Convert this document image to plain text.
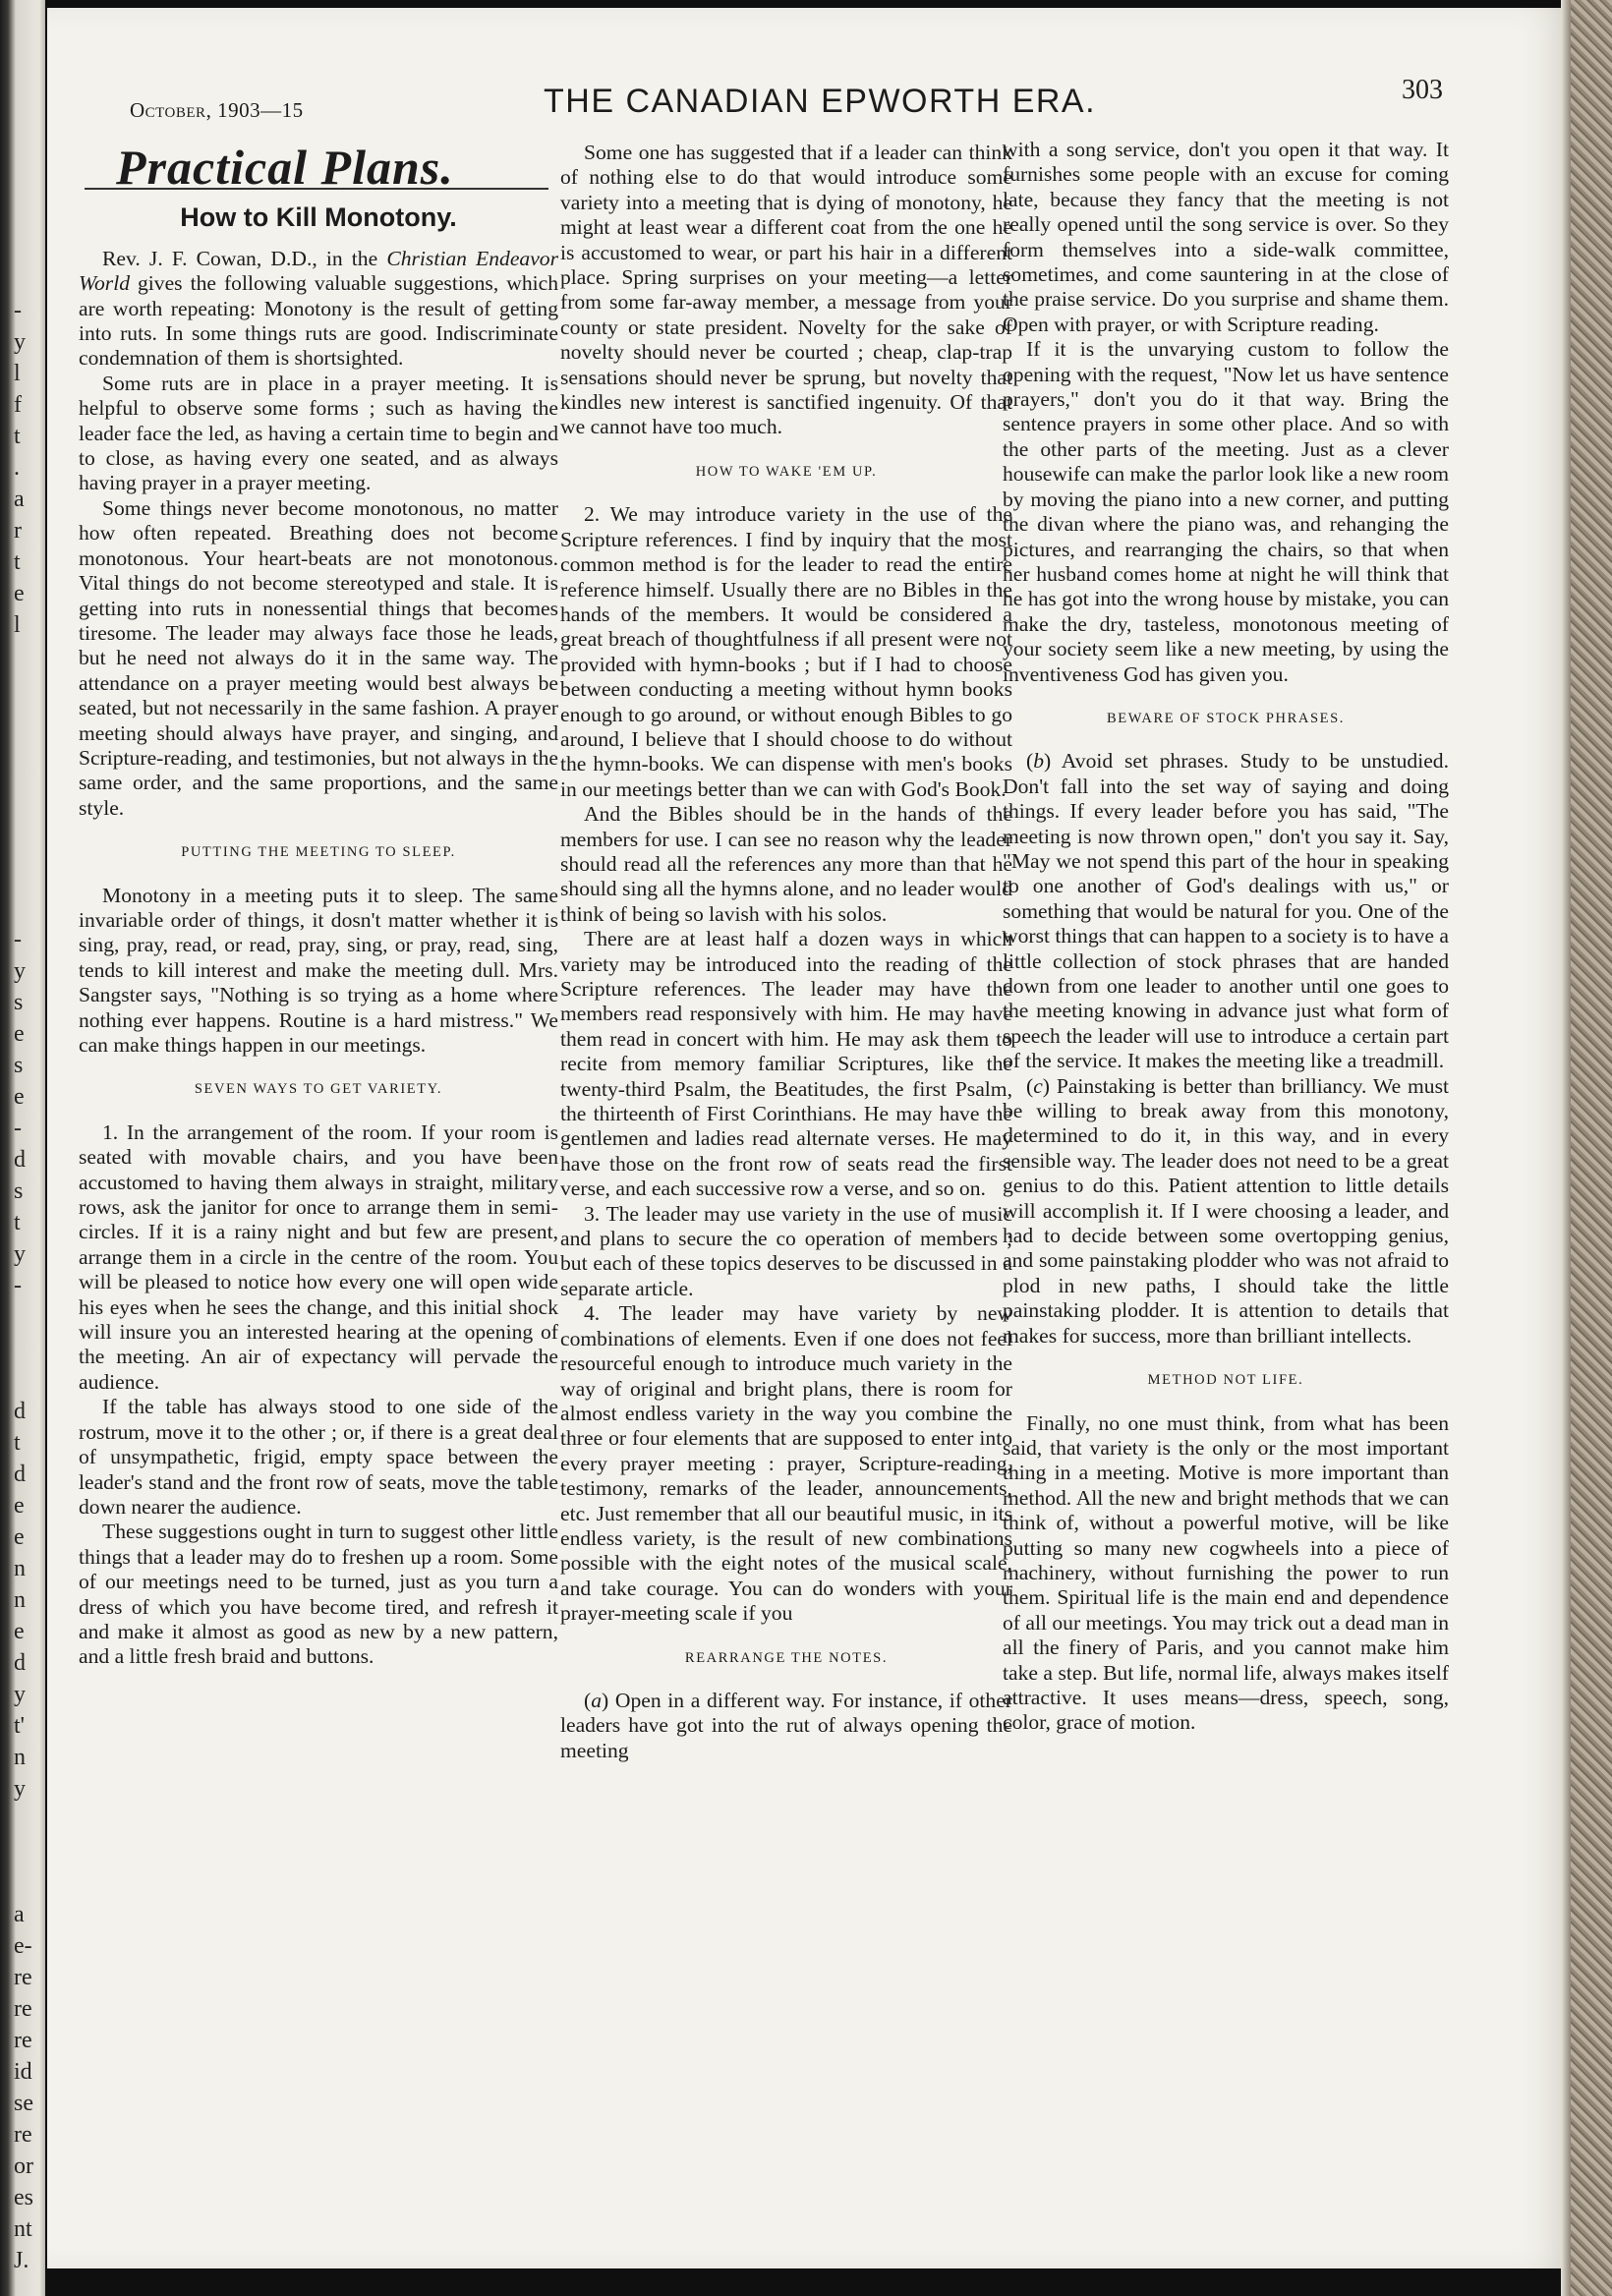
-
y
l
f
t
.
a
r
t
e
l

-
y
s
e
s
e
-
d
s
t
y
-

d
t
d
e
e
n
n
e
d
y
t'
n
y

a
e-
re
re
re
id
se
re
or
es
nt
J.
October, 1903—15	THE CANADIAN EPWORTH ERA.	303
Practical Plans.
How to Kill Monotony.

Rev. J. F. Cowan, D.D., in the Christian Endeavor World gives the following valuable suggestions, which are worth repeating: Monotony is the result of getting into ruts. In some things ruts are good. Indiscriminate condemnation of them is shortsighted.

Some ruts are in place in a prayer meeting. It is helpful to observe some forms ; such as having the leader face the led, as having a certain time to begin and to close, as having every one seated, and as always having prayer in a prayer meeting.

Some things never become monotonous, no matter how often repeated. Breathing does not become monotonous. Your heart-beats are not monotonous. Vital things do not become stereotyped and stale. It is getting into ruts in nonessential things that becomes tiresome. The leader may always face those he leads, but he need not always do it in the same way. The attendance on a prayer meeting would best always be seated, but not necessarily in the same fashion. A prayer meeting should always have prayer, and singing, and Scripture-reading, and testimonies, but not always in the same order, and the same proportions, and the same style.

PUTTING THE MEETING TO SLEEP.

Monotony in a meeting puts it to sleep. The same invariable order of things, it dosn't matter whether it is sing, pray, read, or read, pray, sing, or pray, read, sing, tends to kill interest and make the meeting dull. Mrs. Sangster says, "Nothing is so trying as a home where nothing ever happens. Routine is a hard mistress." We can make things happen in our meetings.

SEVEN WAYS TO GET VARIETY.

1. In the arrangement of the room. If your room is seated with movable chairs, and you have been accustomed to having them always in straight, military rows, ask the janitor for once to arrange them in semi-circles. If it is a rainy night and but few are present, arrange them in a circle in the centre of the room. You will be pleased to notice how every one will open wide his eyes when he sees the change, and this initial shock will insure you an interested hearing at the opening of the meeting. An air of expectancy will pervade the audience.

If the table has always stood to one side of the rostrum, move it to the other ; or, if there is a great deal of unsympathetic, frigid, empty space between the leader's stand and the front row of seats, move the table down nearer the audience.

These suggestions ought in turn to suggest other little things that a leader may do to freshen up a room. Some of our meetings need to be turned, just as you turn a dress of which you have become tired, and refresh it and make it almost as good as new by a new pattern, and a little fresh braid and buttons.

Some one has suggested that if a leader can think of nothing else to do that would introduce some variety into a meeting that is dying of monotony, he might at least wear a different coat from the one he is accustomed to wear, or part his hair in a different place. Spring surprises on your meeting—a letter from some far-away member, a message from your county or state president. Novelty for the sake of novelty should never be courted ; cheap, clap-trap sensations should never be sprung, but novelty that kindles new interest is sanctified ingenuity. Of that we cannot have too much.

HOW TO WAKE 'EM UP.

2. We may introduce variety in the use of the Scripture references. I find by inquiry that the most common method is for the leader to read the entire reference himself. Usually there are no Bibles in the hands of the members. It would be considered a great breach of thoughtfulness if all present were not provided with hymn-books ; but if I had to choose between conducting a meeting without hymn books enough to go around, or without enough Bibles to go around, I believe that I should choose to do without the hymn-books. We can dispense with men's books in our meetings better than we can with God's Book.

And the Bibles should be in the hands of the members for use. I can see no reason why the leader should read all the references any more than that he should sing all the hymns alone, and no leader would think of being so lavish with his solos.

There are at least half a dozen ways in which variety may be introduced into the reading of the Scripture references. The leader may have the members read responsively with him. He may have them read in concert with him. He may ask them to recite from memory familiar Scriptures, like the twenty-third Psalm, the Beatitudes, the first Psalm, the thirteenth of First Corinthians. He may have the gentlemen and ladies read alternate verses. He may have those on the front row of seats read the first verse, and each successive row a verse, and so on.

3. The leader may use variety in the use of music and plans to secure the co operation of members ; but each of these topics deserves to be discussed in a separate article.

4. The leader may have variety by new combinations of elements. Even if one does not feel resourceful enough to introduce much variety in the way of original and bright plans, there is room for almost endless variety in the way you combine the three or four elements that are supposed to enter into every prayer meeting : prayer, Scripture-reading, testimony, remarks of the leader, announcements, etc. Just remember that all our beautiful music, in its endless variety, is the result of new combinations possible with the eight notes of the musical scale, and take courage. You can do wonders with your prayer-meeting scale if you

REARRANGE THE NOTES.

(a) Open in a different way. For instance, if other leaders have got into the rut of always opening the meeting

with a song service, don't you open it that way. It furnishes some people with an excuse for coming late, because they fancy that the meeting is not really opened until the song service is over. So they form themselves into a side-walk committee, sometimes, and come sauntering in at the close of the praise service. Do you surprise and shame them. Open with prayer, or with Scripture reading.

If it is the unvarying custom to follow the opening with the request, "Now let us have sentence prayers," don't you do it that way. Bring the sentence prayers in some other place. And so with the other parts of the meeting. Just as a clever housewife can make the parlor look like a new room by moving the piano into a new corner, and putting the divan where the piano was, and rehanging the pictures, and rearranging the chairs, so that when her husband comes home at night he will think that he has got into the wrong house by mistake, you can make the dry, tasteless, monotonous meeting of your society seem like a new meeting, by using the inventiveness God has given you.

BEWARE OF STOCK PHRASES.

(b) Avoid set phrases. Study to be unstudied. Don't fall into the set way of saying and doing things. If every leader before you has said, "The meeting is now thrown open," don't you say it. Say, "May we not spend this part of the hour in speaking to one another of God's dealings with us," or something that would be natural for you. One of the worst things that can happen to a society is to have a little collection of stock phrases that are handed down from one leader to another until one goes to the meeting knowing in advance just what form of speech the leader will use to introduce a certain part of the service. It makes the meeting like a treadmill.

(c) Painstaking is better than brilliancy. We must be willing to break away from this monotony, determined to do it, in this way, and in every sensible way. The leader does not need to be a great genius to do this. Patient attention to little details will accomplish it. If I were choosing a leader, and had to decide between some overtopping genius, and some painstaking plodder who was not afraid to plod in new paths, I should take the little painstaking plodder. It is attention to details that makes for success, more than brilliant intellects.

METHOD NOT LIFE.

Finally, no one must think, from what has been said, that variety is the only or the most important thing in a meeting. Motive is more important than method. All the new and bright methods that we can think of, without a powerful motive, will be like putting so many new cogwheels into a piece of machinery, without furnishing the power to run them. Spiritual life is the main end and dependence of all our meetings. You may trick out a dead man in all the finery of Paris, and you cannot make him take a step. But life, normal life, always makes itself attractive. It uses means—dress, speech, song, color, grace of motion.
